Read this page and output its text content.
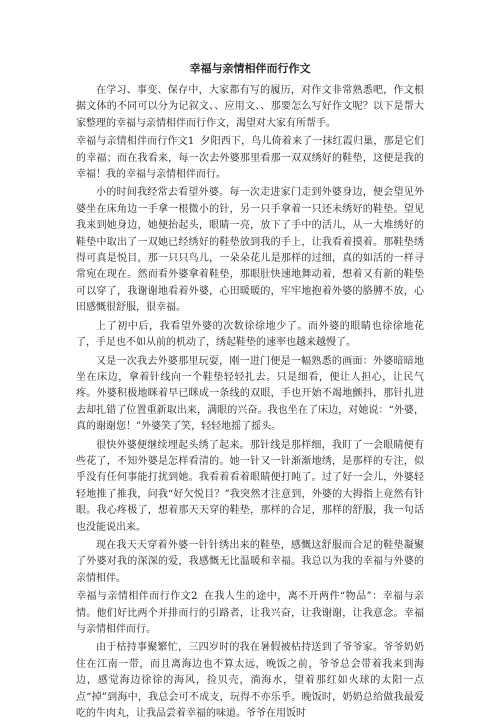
幸福与亲情相伴而行作文

在学习、事变、保存中，大家都有写的履历，对作文非常熟悉吧，作文根据文体的不同可以分为记叙文、、应用文、、那要怎么写好作文呢？以下是帮大家整理的幸福与亲情相伴而行作文，渴望对大家有所帮手。

幸福与亲情相伴而行作文1 夕阳西下，鸟儿倚着来了一抹红霞归巢，那是它们的幸福；而在我看来，每一次去外婆那里看那一双双绣好的鞋垫，这便是我的幸福！我的幸福与亲情相伴而行。

小的时间我经常去看望外婆。每一次走进家门走到外婆身边，便会望见外婆坐在床角边一手拿一根微小的针，另一只手拿着一只还未绣好的鞋垫。望见我来到她身边，她便抬起头，眼睛一亮，放下了手中的活儿，从一大堆绣好的鞋垫中取出了一双她已经绣好的鞋垫放到我的手上，让我看着摸着。那鞋垫绣得可真是悦目，那一只只鸟儿，一朵朵花儿是那样的过细，真的如活的一样寻常宛在现在。然而看外婆拿着鞋垫，那眼肚快速地舞动着，想着又有新的鞋垫可以穿了，我谢谢地看着外婆，心田暖暖的，牢牢地抱着外婆的胳膊不放，心田感慨很舒服，很幸福。

上了初中后，我看望外婆的次数徐徐地少了。而外婆的眼睛也徐徐地花了，手足也不如从前的机动了，绣起鞋垫的速率也越来越慢了。

又是一次我去外婆那里玩耍，刚一进门便是一幅熟悉的画面：外婆暗暗地坐在床边，拿着针线向一个鞋垫轻轻扎去。只是细看，便让人担心，让民气疼。外婆积极地眯着早已眯成一条线的双眼，手也开始不竭地颤抖，那针扎进去却扎错了位置重新取出来，满眼的兴奋。我也坐在了床边，对她说：“外婆，真的谢谢您！”外婆笑了笑，轻轻地摇了摇头。

很快外婆便继续埋起头绣了起来。那针线是那样细，我盯了一会眼睛便有些花了，不知外婆是怎样看清的。她一针又一针渐渐地绣，是那样的专注，似乎没有任何事能打扰到她。我看着看着眼睛便打盹了。过了好一会儿，外婆轻轻地推了推我，问我“好欠悦目？”我突然才注意到，外婆的大拇指上竟然有针眼。我心疼极了，想着那天天穿的鞋垫，那样的合足，那样的舒服，我一句话也没能说出来。

现在我天天穿着外婆一针针绣出来的鞋垫，感慨这舒服而合足的鞋垫凝聚了外婆对我的深深的爱，我感慨无比温暖和幸福。我总以为我的幸福与外婆的亲情相伴。

幸福与亲情相伴而行作文2 在我人生的途中，离不开两件“物品”：幸福与亲情。他们好比两个并排而行的引路者，让我兴奋，让我谢谢，让我意念。幸福与亲情相伴而行。

由于枯持事聚繁忙，三四岁时的我在暑假被枯持送到了爷爷家。爷爷奶奶住在江南一带，而且离海边也不算太远，晚饭之前，爷爷总会带着我来到海边，感觉海边徐徐的海风，捡贝壳，淌海水，望着那红如火球的太阳一点点“掉”到海中，我总会可不成支，玩得不亦乐乎。晚饭时，奶奶总给做我最爱吃的牛肉丸，让我品尝着幸福的味道。爷爷在用饭时
